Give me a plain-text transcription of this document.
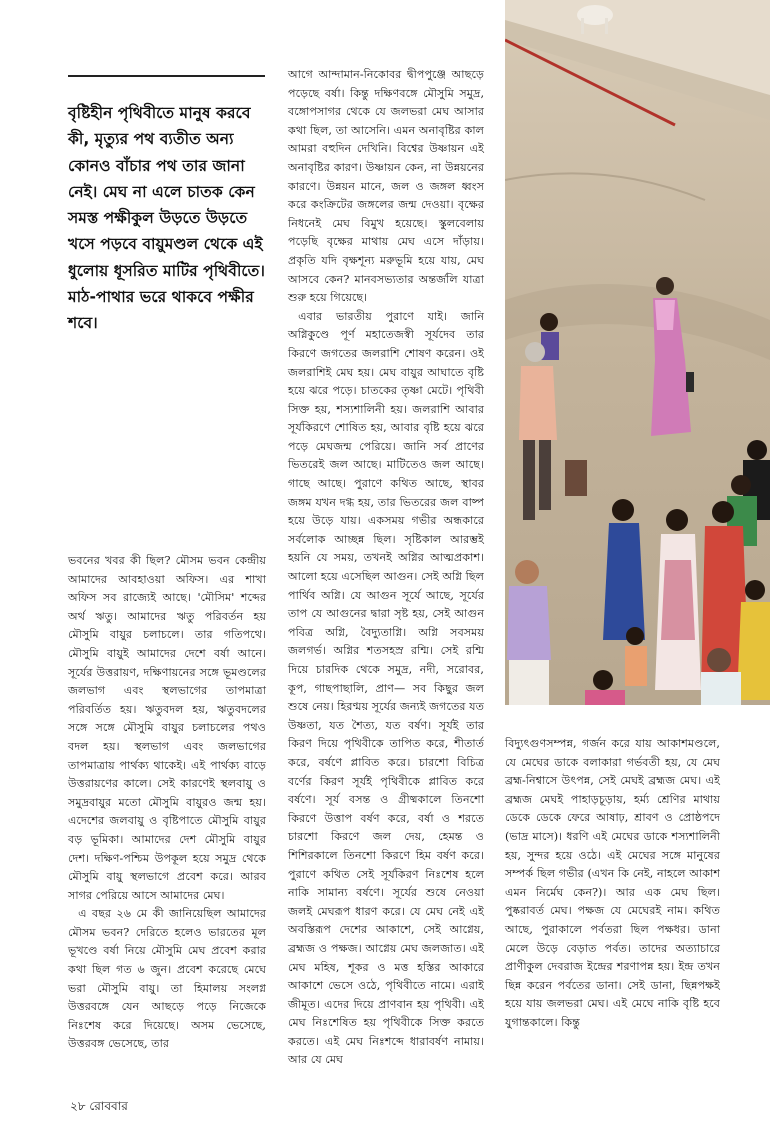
বৃষ্টিহীন পৃথিবীতে মানুষ করবে কী, মৃত্যুর পথ ব্যতীত অন্য কোনও বাঁচার পথ তার জানা নেই। মেঘ না এলে চাতক কেন সমস্ত পক্ষীকুল উড়তে উড়তে খসে পড়বে বায়ুমণ্ডল থেকে এই ধুলোয় ধূসরিত মাটির পৃথিবীতে। মাঠ-পাথার ভরে থাকবে পক্ষীর শবে।

ভবনের খবর কী ছিল? মৌসম ভবন কেন্দ্রীয় আমাদের আবহাওয়া অফিস। এর শাখা অফিস সব রাজ্যেই আছে। 'মৌসিম' শব্দের অর্থ ঋতু। আমাদের ঋতু পরিবর্তন হয় মৌসুমি বায়ুর চলাচলে। তার গতিপথে। মৌসুমি বায়ুই আমাদের দেশে বর্ষা আনে। সূর্যের উত্তরায়ণ, দক্ষিণায়নের সঙ্গে ভূমণ্ডলের জলভাগ এবং স্থলভাগের তাপমাত্রা পরিবর্তিত হয়। ঋতুবদল হয়, ঋতুবদলের সঙ্গে সঙ্গে মৌসুমি বায়ুর চলাচলের পথও বদল হয়। স্থলভাগ এবং জলভাগের তাপমাত্রায় পার্থক্য থাকেই। এই পার্থক্য বাড়ে উত্তরায়ণের কালে। সেই কারণেই স্থলবায়ু ও সমুদ্রবায়ুর মতো মৌসুমি বায়ুরও জন্ম হয়। এদেশের জলবায়ু ও বৃষ্টিপাতে মৌসুমি বায়ুর বড় ভূমিকা। আমাদের দেশ মৌসুমি বায়ুর দেশ। দক্ষিণ-পশ্চিম উপকূল হয়ে সমুদ্র থেকে মৌসুমি বায়ু স্থলভাগে প্রবেশ করে। আরব সাগর পেরিয়ে আসে আমাদের মেঘ।

এ বছর ২৬ মে কী জানিয়েছিল আমাদের মৌসম ভবন? দেরিতে হলেও ভারতের মূল ভূখণ্ডে বর্ষা নিয়ে মৌসুমি মেঘ প্রবেশ করার কথা ছিল গত ৬ জুন। প্রবেশ করেছে মেঘে ভরা মৌসুমি বায়ু। তা হিমালয় সংলগ্ন উত্তরবঙ্গে যেন আছড়ে পড়ে নিজেকে নিঃশেষ করে দিয়েছে। অসম ভেসেছে, উত্তরবঙ্গ ভেসেছে, তার

আগে আন্দামান-নিকোবর দ্বীপপুঞ্জে আছড়ে পড়েছে বর্ষা। কিন্তু দক্ষিণবঙ্গে মৌসুমি সমুদ্র, বঙ্গোপসাগর থেকে যে জলভরা মেঘ আসার কথা ছিল, তা আসেনি। এমন অনাবৃষ্টির কাল আমরা বহুদিন দেখিনি। বিশ্বের উষ্ণায়ন এই অনাবৃষ্টির কারণ। উষ্ণায়ন কেন, না উন্নয়নের কারণে। উন্নয়ন মানে, জল ও জঙ্গল ধ্বংস করে কংক্রিটের জঙ্গলের জন্ম দেওয়া। বৃক্ষের নিধনেই মেঘ বিমুখ হয়েছে। স্কুলবেলায় পড়েছি বৃক্ষের মাথায় মেঘ এসে দাঁড়ায়। প্রকৃতি যদি বৃক্ষশূন্য মরুভূমি হয়ে যায়, মেঘ আসবে কেন? মানবসভ্যতার অন্তর্জলি যাত্রা শুরু হয়ে গিয়েছে।

এবার ভারতীয় পুরাণে যাই। জানি অগ্নিকুণ্ডে পূর্ণ মহাতেজস্বী সূর্যদেব তার কিরণে জগতের জলরাশি শোষণ করেন। ওই জলরাশিই মেঘ হয়। মেঘ বায়ুর আঘাতে বৃষ্টি হয়ে ঝরে পড়ে। চাতকের তৃষ্ণা মেটে। পৃথিবী সিক্ত হয়, শস্যশালিনী হয়। জলরাশি আবার সূর্যকিরণে শোষিত হয়, আবার বৃষ্টি হয়ে ঝরে পড়ে মেঘজন্ম পেরিয়ে। জানি সর্ব প্রাণের ভিতরেই জল আছে। মাটিতেও জল আছে। গাছে আছে। পুরাণে কথিত আছে, স্থাবর জঙ্গম যখন দগ্ধ হয়, তার ভিতরের জল বাষ্প হয়ে উড়ে যায়। একসময় গভীর অন্ধকারে সর্বলোক আচ্ছন্ন ছিল। সৃষ্টিকাল আরম্ভই হয়নি যে সময়, তখনই অগ্নির আত্মপ্রকাশ। আলো হয়ে এসেছিল আগুন। সেই অগ্নি ছিল পার্থিব অগ্নি। যে আগুন সূর্যে আছে, সূর্যের তাপ যে আগুনের দ্বারা সৃষ্ট হয়, সেই আগুন পবিত্র অগ্নি, বৈদ্যুতাগ্নি। অগ্নি সবসময় জলগর্ভ। অগ্নির শতসহস্র রশ্মি। সেই রশ্মি দিয়ে চারদিক থেকে সমুদ্র, নদী, সরোবর, কূপ, গাছপাছালি, প্রাণ— সব কিছুর জল শুষে নেয়। হিরণ্ময় সূর্যের জন্যই জগতের যত উষ্ণতা, যত শৈত্য, যত বর্ষণ। সূর্যই তার কিরণ দিয়ে পৃথিবীকে তাপিত করে, শীতার্ত করে, বর্ষণে প্লাবিত করে। চারশো বিচিত্র বর্ণের কিরণ সূর্যই পৃথিবীকে প্লাবিত করে বর্ষণে। সূর্য বসন্ত ও গ্রীষ্মকালে তিনশো কিরণে উত্তাপ বর্ষণ করে, বর্ষা ও শরতে চারশো কিরণে জল দেয়, হেমন্ত ও শিশিরকালে তিনশো কিরণে হিম বর্ষণ করে। পুরাণে কথিত সেই সূর্যকিরণ নিঃশেষ হলে নাকি সামান্য বর্ষণে। সূর্যের শুষে নেওয়া জলই মেঘরূপ ধারণ করে। যে মেঘ নেই এই অবস্তিরূপ দেশের আকাশে, সেই আগ্নেয়, ব্রহ্মজ ও পক্ষজ। আগ্নেয় মেঘ জলজাত। এই মেঘ মহিষ, শূকর ও মত্ত হস্তির আকারে আকাশে ভেসে ওঠে, পৃথিবীতে নামে। এরাই জীমূত। এদের দিয়ে প্রাণবান হয় পৃথিবী। এই মেঘ নিঃশেষিত হয় পৃথিবীকে সিক্ত করতে করতে। এই মেঘ নিঃশব্দে ধারাবর্ষণ নামায়। আর যে মেঘ

বিদ্যুৎগুণসম্পন্ন, গর্জন করে যায় আকাশমণ্ডলে, যে মেঘের ডাকে বলাকারা গর্ভবতী হয়, যে মেঘ ব্রহ্ম-নিশ্বাসে উৎপন্ন, সেই মেঘই ব্রহ্মজ মেঘ। এই ব্রহ্মজ মেঘই পাহাড়চূড়ায়, হর্ম্য শ্রেণির মাথায় ডেকে ডেকে ফেরে আষাঢ়, শ্রাবণ ও প্রোষ্ঠপদে (ভাদ্র মাসে)। ধরণি এই মেঘের ডাকে শস্যশালিনী হয়, সুন্দর হয়ে ওঠে। এই মেঘের সঙ্গে মানুষের সম্পর্ক ছিল গভীর (এখন কি নেই, নাহলে আকাশ এমন নির্মেঘ কেন?)। আর এক মেঘ ছিল। পুষ্করাবর্ত মেঘ। পক্ষজ যে মেঘেরই নাম। কথিত আছে, পুরাকালে পর্বতরা ছিল পক্ষধর। ডানা মেলে উড়ে বেড়াত পর্বত। তাদের অত্যাচারে প্রাণীকুল দেবরাজ ইন্দ্রের শরণাপন্ন হয়। ইন্দ্র তখন ছিন্ন করেন পর্বতের ডানা। সেই ডানা, ছিন্নপক্ষই হয়ে যায় জলভরা মেঘ। এই মেঘে নাকি বৃষ্টি হবে যুগান্তকালে। কিন্তু

২৮ রোববার
